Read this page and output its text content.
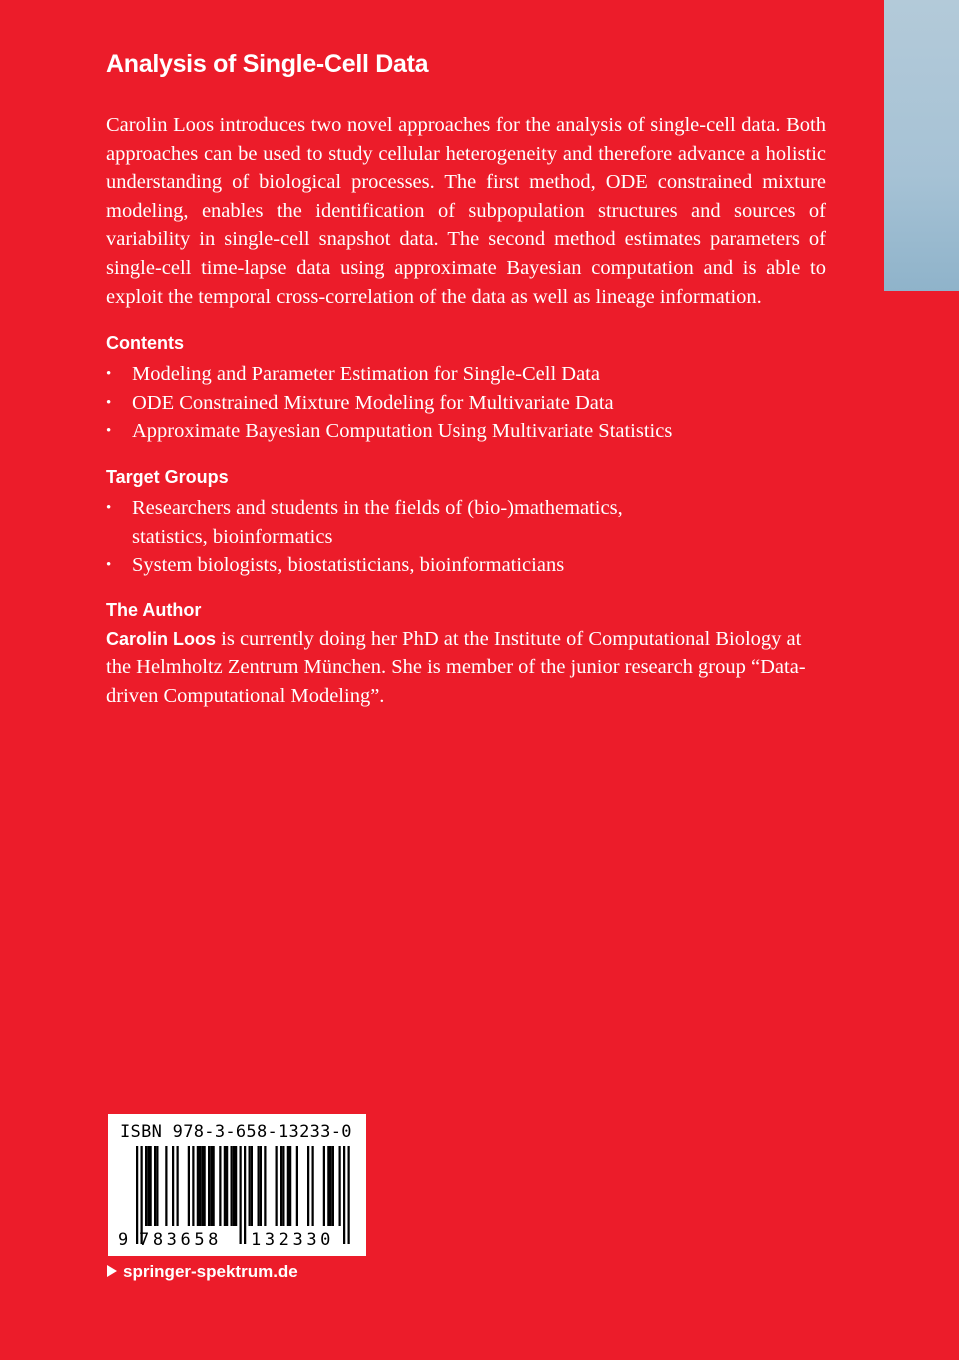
Analysis of Single-Cell Data

Carolin Loos introduces two novel approaches for the analysis of single-cell data. Both approaches can be used to study cellular heterogeneity and therefore advance a holistic understanding of biological processes. The first method, ODE constrained mixture modeling, enables the identification of subpopulation structures and sources of variability in single-cell snapshot data. The second method estimates parameters of single-cell time-lapse data using approximate Bayesian computation and is able to exploit the temporal cross-correlation of the data as well as lineage information.

Contents
• Modeling and Parameter Estimation for Single-Cell Data
• ODE Constrained Mixture Modeling for Multivariate Data
• Approximate Bayesian Computation Using Multivariate Statistics
Target Groups
• Researchers and students in the fields of (bio-)mathematics, statistics, bioinformatics
• System biologists, biostatisticians, bioinformaticians
The Author

Carolin Loos is currently doing her PhD at the Institute of Computational Biology at the Helmholtz Zentrum München. She is member of the junior research group “Data-driven Computational Modeling”.

ISBN 978-3-658-13233-0
9 783658	132330
springer-spektrum.de
